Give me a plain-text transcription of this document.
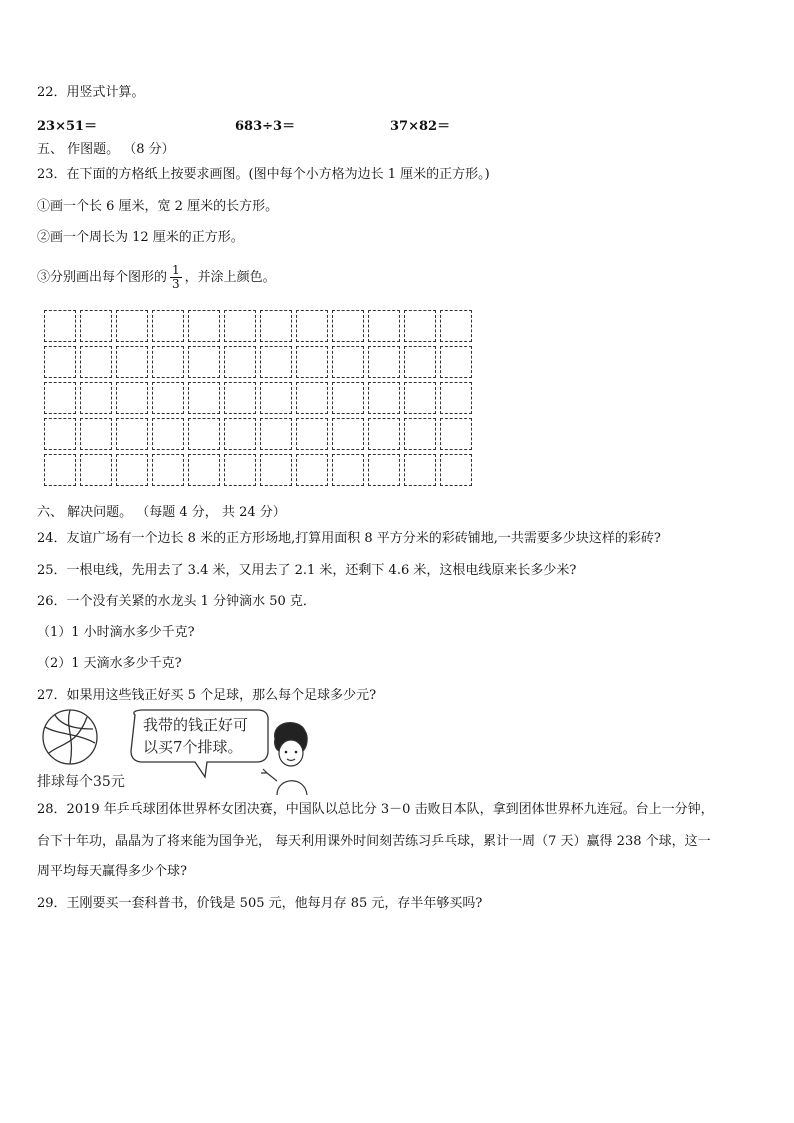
22．用竖式计算。
23×51＝	683÷3＝	37×82＝
五、 作图题。 （8 分）
23．在下面的方格纸上按要求画图。(图中每个小方格为边长 1 厘米的正方形。)
①画一个长 6 厘米，宽 2 厘米的长方形。
②画一个周长为 12 厘米的正方形。
③分别画出每个图形的 $\frac{1}{3}$ ，并涂上颜色。
六、 解决问题。 （每题 4 分， 共 24 分）
24．友谊广场有一个边长 8 米的正方形场地,打算用面积 8 平方分米的彩砖铺地,一共需要多少块这样的彩砖?
25．一根电线，先用去了 3.4 米，又用去了 2.1 米，还剩下 4.6 米，这根电线原来长多少米?
26．一个没有关紧的水龙头 1 分钟滴水 50 克．
（1）1 小时滴水多少千克?
（2）1 天滴水多少千克?
27．如果用这些钱正好买 5 个足球，那么每个足球多少元?
我带的钱正好可
以买7个排球。
排球每个35元
28．2019 年乒乓球团体世界杯女团决赛，中国队以总比分 3－0 击败日本队，拿到团体世界杯九连冠。台上一分钟，
台下十年功，晶晶为了将来能为国争光， 每天利用课外时间刻苦练习乒乓球，累计一周（7 天）赢得 238 个球，这一
周平均每天赢得多少个球?
29．王刚要买一套科普书，价钱是 505 元，他每月存 85 元，存半年够买吗?
